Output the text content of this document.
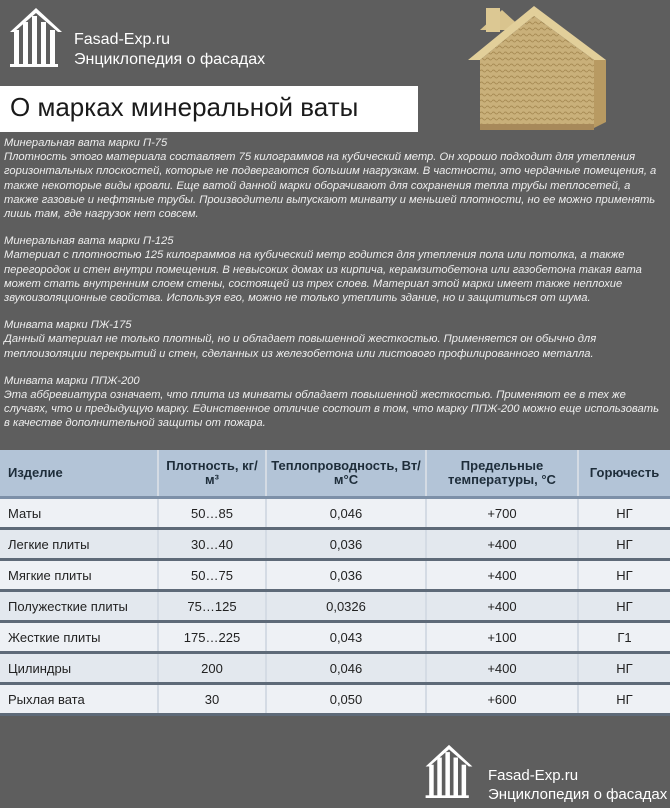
Fasad-Exp.ru
Энциклопедия о фасадах
О марках минеральной ваты
Минеральная вата марки П-75
Плотность этого материала составляет 75 килограммов на кубический метр. Он хорошо подходит для утепления горизонтальных плоскостей, которые не подвергаются большим нагрузкам. В частности, это чердачные помещения, а также некоторые виды кровли. Еще ватой данной марки оборачивают для сохранения тепла трубы теплосетей, а также газовые и нефтяные трубы. Производители выпускают минвату и меньшей плотности, но ее можно применять лишь там, где нагрузок нет совсем.
Минеральная вата марки П-125
Материал с плотностью 125 килограммов на кубический метр годится для утепления пола или потолка, а также перегородок и стен внутри помещения. В невысоких домах из кирпича, керамзитобетона или газобетона такая вата может стать внутренним слоем стены, состоящей из трех слоев. Материал этой марки имеет также неплохие звукоизоляционные свойства. Используя его, можно не только утеплить здание, но и защититься от шума.
Минвата марки ПЖ-175
Данный материал не только плотный, но и обладает повышенной жесткостью. Применяется он обычно для теплоизоляции перекрытий и стен, сделанных из железобетона или листового профилированного металла.
Минвата марки ППЖ-200
Эта аббревиатура означает, что плита из минваты обладает повышенной жесткостью. Применяют ее в тех же случаях, что и предыдущую марку. Единственное отличие состоит в том, что марку ППЖ-200 можно еще использовать в качестве дополнительной защиты от пожара.
Изделие	Плотность, кг/м³	Теплопроводность, Вт/м°С	Предельные температуры, °С	Горючесть
Маты	50…85	0,046	+700	НГ
Легкие плиты	30…40	0,036	+400	НГ
Мягкие плиты	50…75	0,036	+400	НГ
Полужесткие плиты	75…125	0,0326	+400	НГ
Жесткие плиты	175…225	0,043	+100	Г1
Цилиндры	200	0,046	+400	НГ
Рыхлая вата	30	0,050	+600	НГ
Fasad-Exp.ru
Энциклопедия о фасадах
